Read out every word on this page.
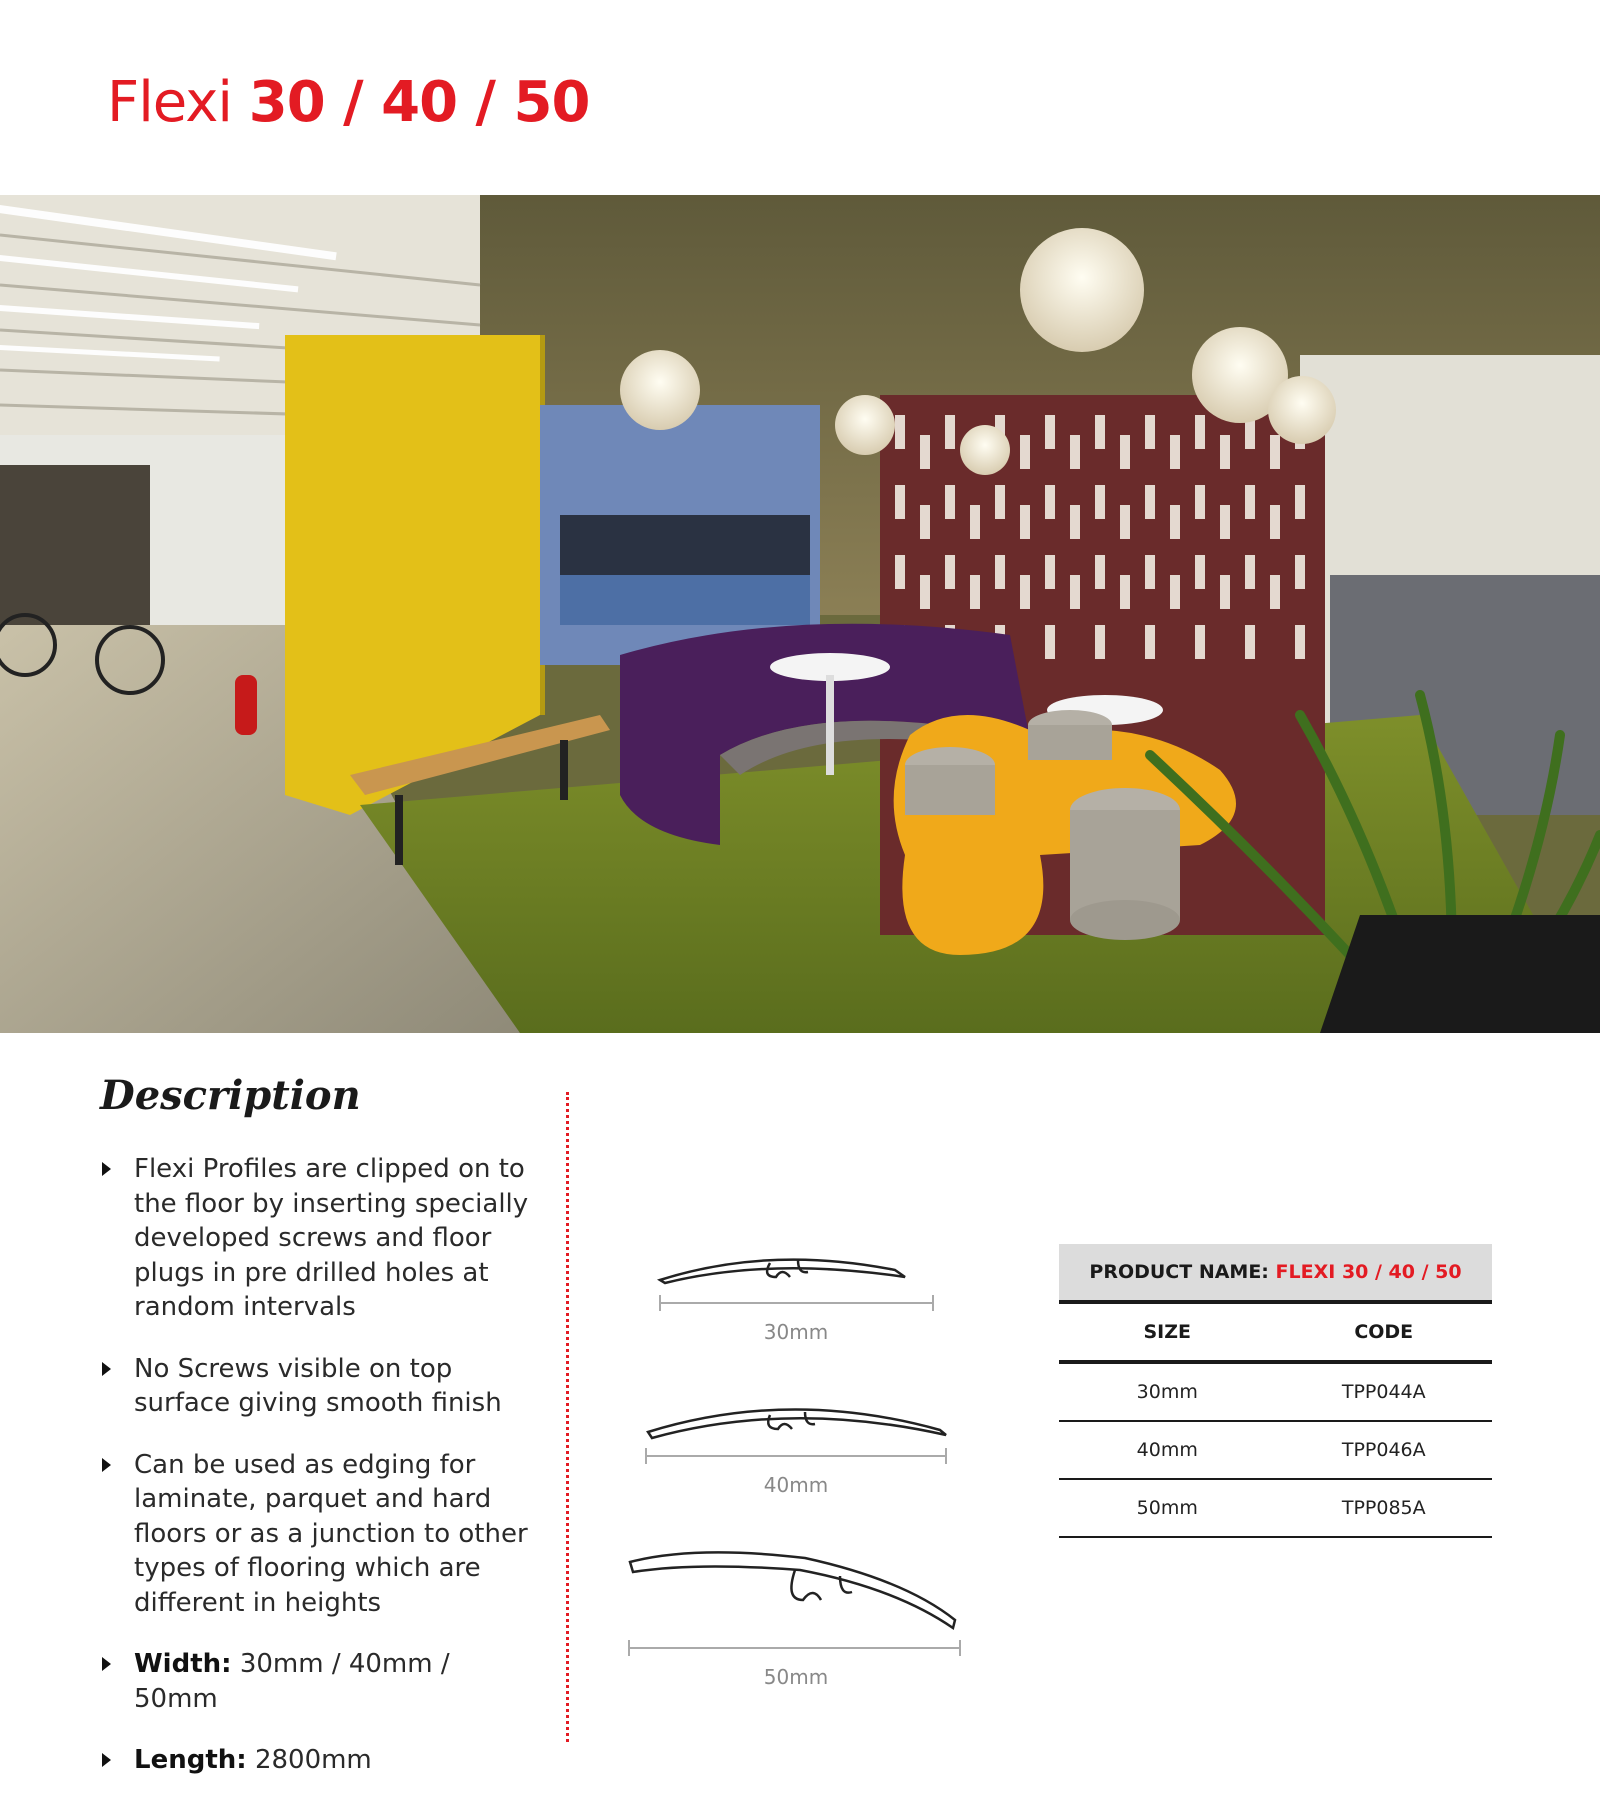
Flexi 30 / 40 / 50
Description
Flexi Profiles are clipped on to the floor by inserting specially developed screws and floor plugs in pre drilled holes at random intervals
No Screws visible on top surface giving smooth finish
Can be used as edging for laminate, parquet and hard floors or as a junction to other types of flooring which are different in heights
Width: 30mm / 40mm / 50mm
Length: 2800mm
30mm
40mm
50mm
PRODUCT NAME: FLEXI 30 / 40 / 50
SIZE	CODE
30mm	TPP044A
40mm	TPP046A
50mm	TPP085A
